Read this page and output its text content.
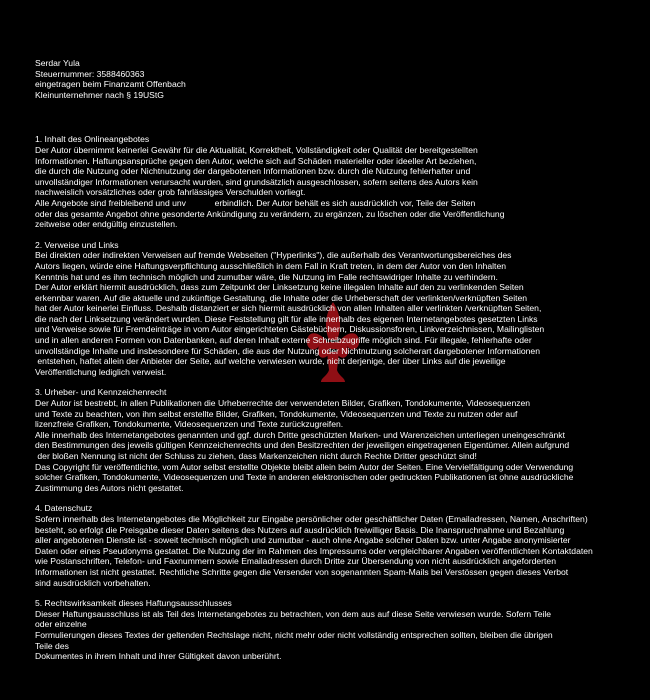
Serdar Yula
Steuernummer: 3588460363
eingetragen beim Finanzamt Offenbach
Kleinunternehmer nach § 19UStG
1. Inhalt des Onlineangebotes
Der Autor übernimmt keinerlei Gewähr für die Aktualität, Korrektheit, Vollständigkeit oder Qualität der bereitgestellten
Informationen. Haftungsansprüche gegen den Autor, welche sich auf Schäden materieller oder ideeller Art beziehen,
die durch die Nutzung oder Nichtnutzung der dargebotenen Informationen bzw. durch die Nutzung fehlerhafter und
unvollständiger Informationen verursacht wurden, sind grundsätzlich ausgeschlossen, sofern seitens des Autors kein
nachweislich vorsätzliches oder grob fahrlässiges Verschulden vorliegt.
Alle Angebote sind freibleibend und unv            erbindlich. Der Autor behält es sich ausdrücklich vor, Teile der Seiten
oder das gesamte Angebot ohne gesonderte Ankündigung zu verändern, zu ergänzen, zu löschen oder die Veröffentlichung
zeitweise oder endgültig einzustellen.
2. Verweise und Links
Bei direkten oder indirekten Verweisen auf fremde Webseiten ("Hyperlinks"), die außerhalb des Verantwortungsbereiches des
Autors liegen, würde eine Haftungsverpflichtung ausschließlich in dem Fall in Kraft treten, in dem der Autor von den Inhalten
Kenntnis hat und es ihm technisch möglich und zumutbar wäre, die Nutzung im Falle rechtswidriger Inhalte zu verhindern.
Der Autor erklärt hiermit ausdrücklich, dass zum Zeitpunkt der Linksetzung keine illegalen Inhalte auf den zu verlinkenden Seiten
erkennbar waren. Auf die aktuelle und zukünftige Gestaltung, die Inhalte oder die Urheberschaft der verlinkten/verknüpften Seiten
hat der Autor keinerlei Einfluss. Deshalb distanziert er sich hiermit ausdrücklich von allen Inhalten aller verlinkten /verknüpften Seiten,
die nach der Linksetzung verändert wurden. Diese Feststellung gilt für alle innerhalb des eigenen Internetangebotes gesetzten Links
und Verweise sowie für Fremdeinträge in vom Autor eingerichteten Gästebüchern, Diskussionsforen, Linkverzeichnissen, Mailinglisten
und in allen anderen Formen von Datenbanken, auf deren Inhalt externe Schreibzugriffe möglich sind. Für illegale, fehlerhafte oder
unvollständige Inhalte und insbesondere für Schäden, die aus der Nutzung oder Nichtnutzung solcherart dargebotener Informationen
entstehen, haftet allein der Anbieter der Seite, auf welche verwiesen wurde, nicht derjenige, der über Links auf die jeweilige
Veröffentlichung lediglich verweist.
3. Urheber- und Kennzeichenrecht
Der Autor ist bestrebt, in allen Publikationen die Urheberrechte der verwendeten Bilder, Grafiken, Tondokumente, Videosequenzen
und Texte zu beachten, von ihm selbst erstellte Bilder, Grafiken, Tondokumente, Videosequenzen und Texte zu nutzen oder auf
lizenzfreie Grafiken, Tondokumente, Videosequenzen und Texte zurückzugreifen.
Alle innerhalb des Internetangebotes genannten und ggf. durch Dritte geschützten Marken- und Warenzeichen unterliegen uneingeschränkt
den Bestimmungen des jeweils gültigen Kennzeichenrechts und den Besitzrechten der jeweiligen eingetragenen Eigentümer. Allein aufgrund
der bloßen Nennung ist nicht der Schluss zu ziehen, dass Markenzeichen nicht durch Rechte Dritter geschützt sind!
Das Copyright für veröffentlichte, vom Autor selbst erstellte Objekte bleibt allein beim Autor der Seiten. Eine Vervielfältigung oder Verwendung
solcher Grafiken, Tondokumente, Videosequenzen und Texte in anderen elektronischen oder gedruckten Publikationen ist ohne ausdrückliche
Zustimmung des Autors nicht gestattet.
4. Datenschutz
Sofern innerhalb des Internetangebotes die Möglichkeit zur Eingabe persönlicher oder geschäftlicher Daten (Emailadressen, Namen, Anschriften)
besteht, so erfolgt die Preisgabe dieser Daten seitens des Nutzers auf ausdrücklich freiwilliger Basis. Die Inanspruchnahme und Bezahlung
aller angebotenen Dienste ist - soweit technisch möglich und zumutbar - auch ohne Angabe solcher Daten bzw. unter Angabe anonymisierter
Daten oder eines Pseudonyms gestattet. Die Nutzung der im Rahmen des Impressums oder vergleichbarer Angaben veröffentlichten Kontaktdaten
wie Postanschriften, Telefon- und Faxnummern sowie Emailadressen durch Dritte zur Übersendung von nicht ausdrücklich angeforderten
Informationen ist nicht gestattet. Rechtliche Schritte gegen die Versender von sogenannten Spam-Mails bei Verstössen gegen dieses Verbot
sind ausdrücklich vorbehalten.
5. Rechtswirksamkeit dieses Haftungsausschlusses
Dieser Haftungsausschluss ist als Teil des Internetangebotes zu betrachten, von dem aus auf diese Seite verwiesen wurde. Sofern Teile
oder einzelne
Formulierungen dieses Textes der geltenden Rechtslage nicht, nicht mehr oder nicht vollständig entsprechen sollten, bleiben die übrigen
Teile des
Dokumentes in ihrem Inhalt und ihrer Gültigkeit davon unberührt.
